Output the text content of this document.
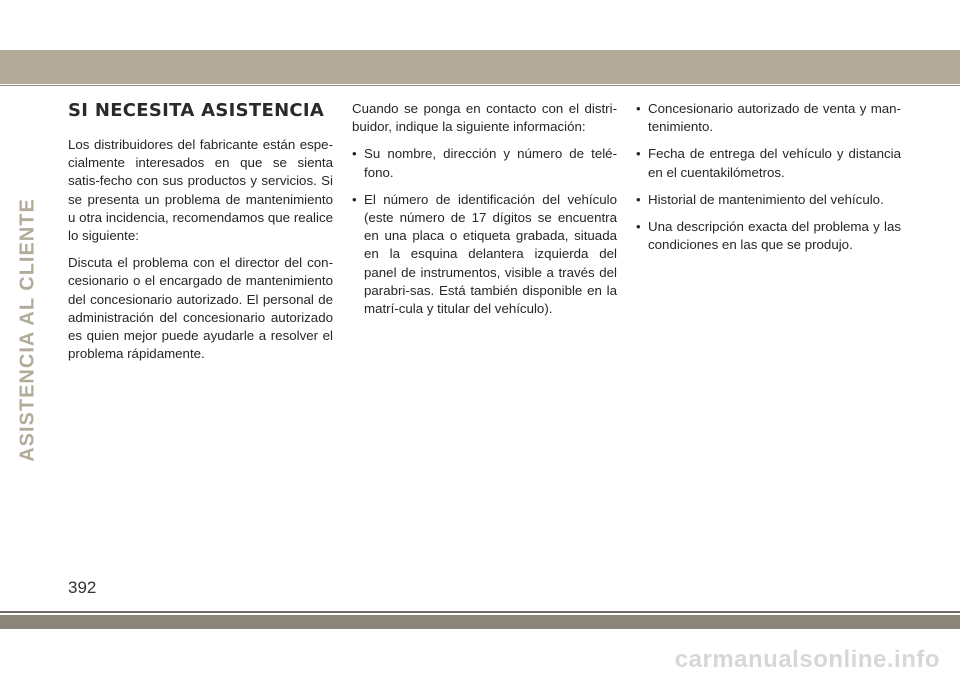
ASISTENCIA AL CLIENTE
SI NECESITA ASISTENCIA

Los distribuidores del fabricante están espe-cialmente interesados en que se sienta satis-fecho con sus productos y servicios. Si se presenta un problema de mantenimiento u otra incidencia, recomendamos que realice lo siguiente:

Discuta el problema con el director del con-cesionario o el encargado de mantenimiento del concesionario autorizado. El personal de administración del concesionario autorizado es quien mejor puede ayudarle a resolver el problema rápidamente.

Cuando se ponga en contacto con el distri-buidor, indique la siguiente información:

• Su nombre, dirección y número de telé-fono.

• El número de identificación del vehículo (este número de 17 dígitos se encuentra en una placa o etiqueta grabada, situada en la esquina delantera izquierda del panel de instrumentos, visible a través del parabri-sas. Está también disponible en la matrí-cula y titular del vehículo).

• Concesionario autorizado de venta y man-tenimiento.

• Fecha de entrega del vehículo y distancia en el cuentakilómetros.

• Historial de mantenimiento del vehículo.

• Una descripción exacta del problema y las condiciones en las que se produjo.

392
carmanualsonline.info
